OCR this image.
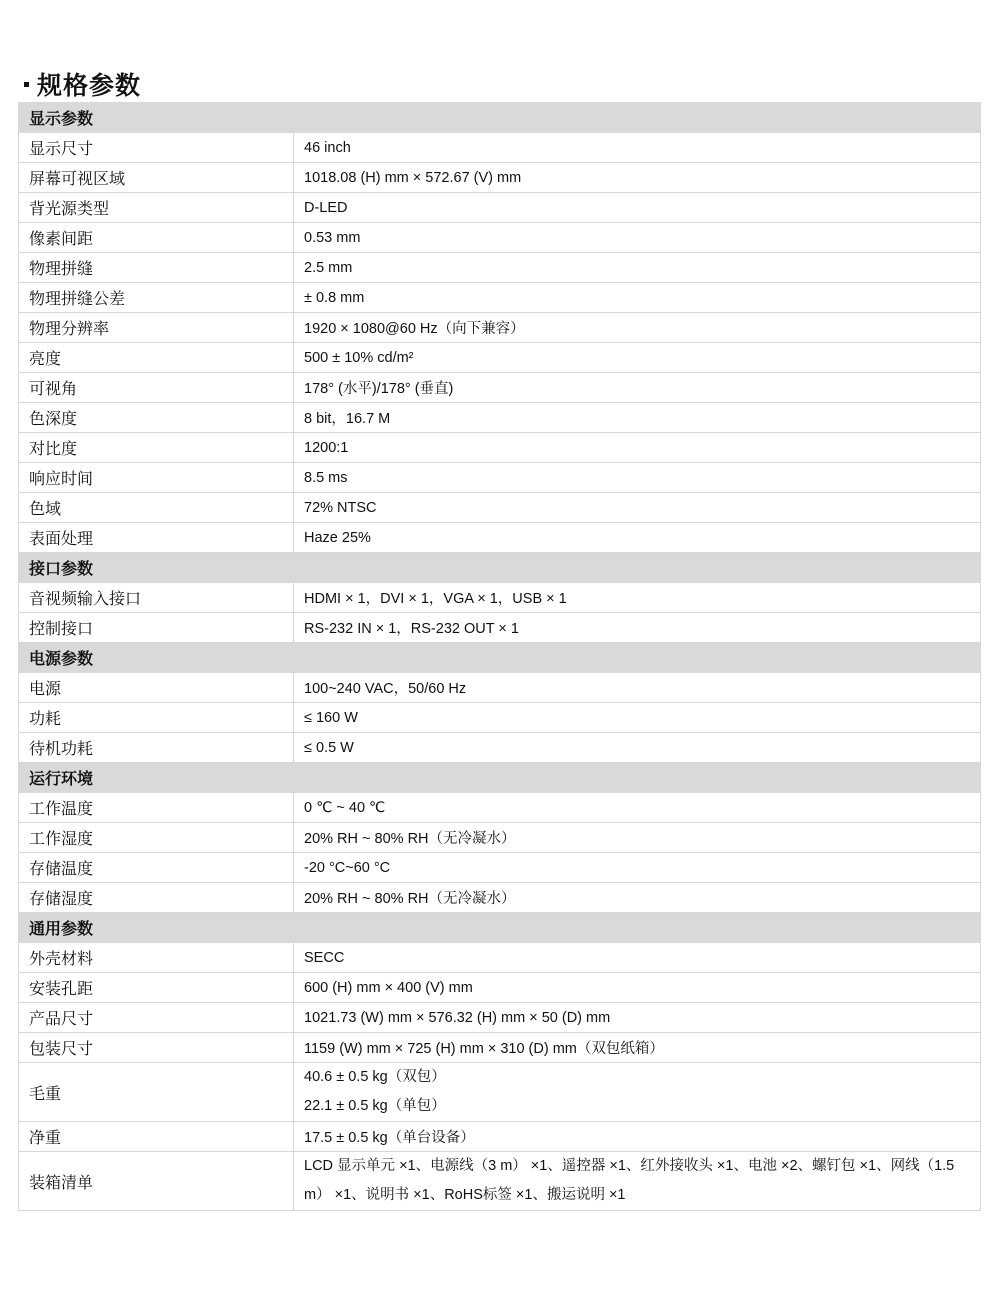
规格参数
显示参数	
显示尺寸	46 inch
屏幕可视区域	1018.08 (H) mm × 572.67 (V) mm
背光源类型	D-LED
像素间距	0.53 mm
物理拼缝	2.5 mm
物理拼缝公差	± 0.8 mm
物理分辨率	1920 × 1080@60 Hz（向下兼容）
亮度	500 ± 10% cd/m²
可视角	178° (水平)/178° (垂直)
色深度	8 bit，16.7 M
对比度	1200:1
响应时间	8.5 ms
色域	72% NTSC
表面处理	Haze 25%
接口参数	
音视频输入接口	HDMI × 1，DVI × 1，VGA × 1，USB × 1
控制接口	RS-232 IN × 1，RS-232 OUT × 1
电源参数	
电源	100~240 VAC，50/60 Hz
功耗	≤ 160 W
待机功耗	≤ 0.5 W
运行环境	
工作温度	0 ℃ ~ 40 ℃
工作湿度	20% RH ~ 80% RH（无冷凝水）
存储温度	-20 °C~60 °C
存储湿度	20% RH ~ 80% RH（无冷凝水）
通用参数	
外壳材料	SECC
安装孔距	600 (H) mm × 400 (V) mm
产品尺寸	1021.73 (W) mm × 576.32 (H) mm × 50 (D) mm
包装尺寸	1159 (W) mm × 725 (H) mm × 310 (D) mm（双包纸箱）
毛重	40.6 ± 0.5 kg（双包）
22.1 ± 0.5 kg（单包）

净重	17.5 ± 0.5 kg（单台设备）
装箱清单	LCD 显示单元 ×1、电源线（3 m） ×1、遥控器 ×1、红外接收头 ×1、电池 ×2、螺钉包 ×1、网线（1.5 m） ×1、说明书 ×1、RoHS标签 ×1、搬运说明 ×1
